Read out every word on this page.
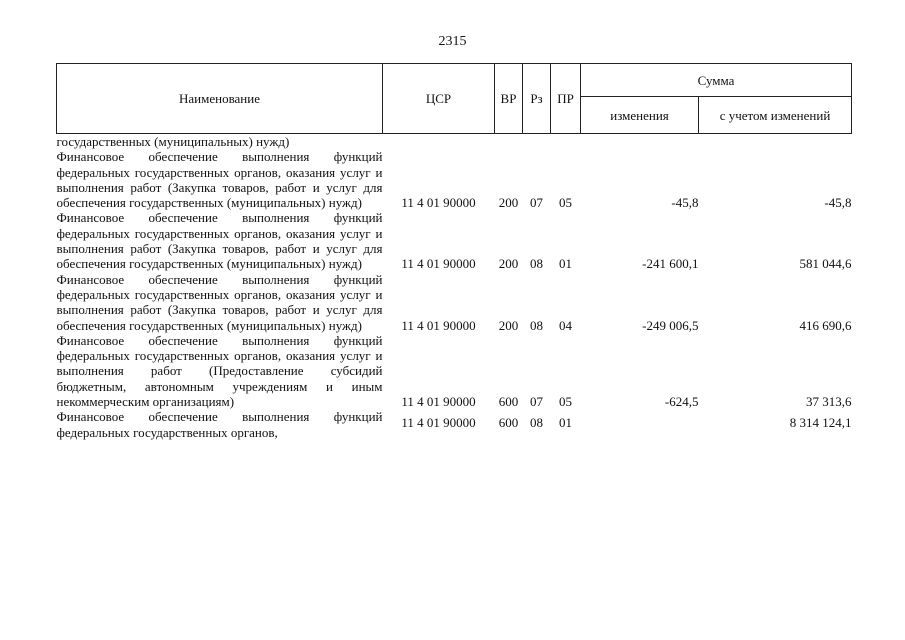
2315
Наименование	ЦСР	ВР	Рз	ПР	Сумма	
					изменения	с учетом изменений
государственных (муниципальных) нужд)						
Финансовое обеспечение выполнения функций федеральных государственных органов, оказания услуг и выполнения работ (Закупка товаров, работ и услуг для обеспечения государственных (муниципальных) нужд)	11 4 01 90000	200	07	05	-45,8	-45,8
Финансовое обеспечение выполнения функций федеральных государственных органов, оказания услуг и выполнения работ (Закупка товаров, работ и услуг для обеспечения государственных (муниципальных) нужд)	11 4 01 90000	200	08	01	-241 600,1	581 044,6
Финансовое обеспечение выполнения функций федеральных государственных органов, оказания услуг и выполнения работ (Закупка товаров, работ и услуг для обеспечения государственных (муниципальных) нужд)	11 4 01 90000	200	08	04	-249 006,5	416 690,6
Финансовое обеспечение выполнения функций федеральных государственных органов, оказания услуг и выполнения работ (Предоставление субсидий бюджетным, автономным учреждениям и иным некоммерческим организациям)	11 4 01 90000	600	07	05	-624,5	37 313,6
Финансовое обеспечение выполнения функций федеральных государственных органов,	11 4 01 90000	600	08	01		8 314 124,1
